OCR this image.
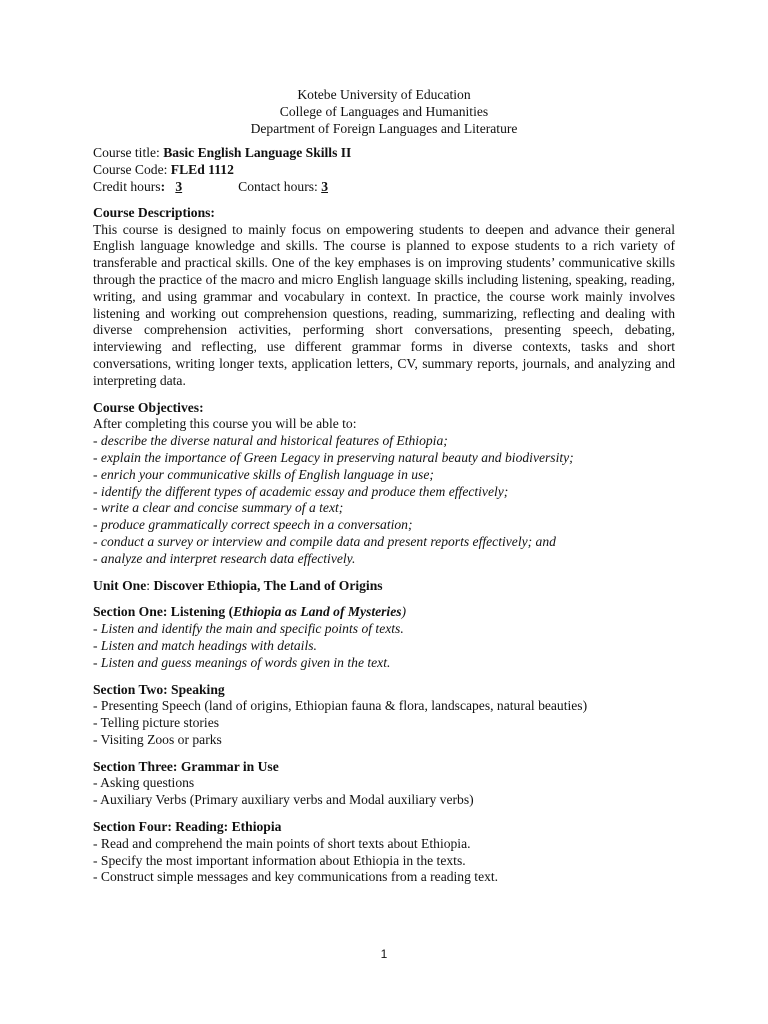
Kotebe University of Education
College of Languages and Humanities
Department of Foreign Languages and Literature
Course title: Basic English Language Skills II
Course Code: FLEd 1112
Credit hours: 3	Contact hours: 3
Course Descriptions:
This course is designed to mainly focus on empowering students to deepen and advance their general English language knowledge and skills. The course is planned to expose students to a rich variety of transferable and practical skills. One of the key emphases is on improving students’ communicative skills through the practice of the macro and micro English language skills including listening, speaking, reading, writing, and using grammar and vocabulary in context. In practice, the course work mainly involves listening and working out comprehension questions, reading, summarizing, reflecting and dealing with diverse comprehension activities, performing short conversations, presenting speech, debating, interviewing and reflecting, use different grammar forms in diverse contexts, tasks and short conversations, writing longer texts, application letters, CV, summary reports, journals, and analyzing and interpreting data.
Course Objectives:
After completing this course you will be able to:
- describe the diverse natural and historical features of Ethiopia;
- explain the importance of Green Legacy in preserving natural beauty and biodiversity;
- enrich your communicative skills of English language in use;
- identify the different types of academic essay and produce them effectively;
- write a clear and concise summary of a text;
- produce grammatically correct speech in a conversation;
- conduct a survey or interview and compile data and present reports effectively; and
- analyze and interpret research data effectively.
Unit One: Discover Ethiopia, The Land of Origins
Section One: Listening (Ethiopia as Land of Mysteries)
- Listen and identify the main and specific points of texts.
- Listen and match headings with details.
- Listen and guess meanings of words given in the text.
Section Two: Speaking
- Presenting Speech (land of origins, Ethiopian fauna & flora, landscapes, natural beauties)
- Telling picture stories
- Visiting Zoos or parks
Section Three: Grammar in Use
- Asking questions
- Auxiliary Verbs (Primary auxiliary verbs and Modal auxiliary verbs)
Section Four: Reading: Ethiopia
- Read and comprehend the main points of short texts about Ethiopia.
- Specify the most important information about Ethiopia in the texts.
- Construct simple messages and key communications from a reading text.
1
